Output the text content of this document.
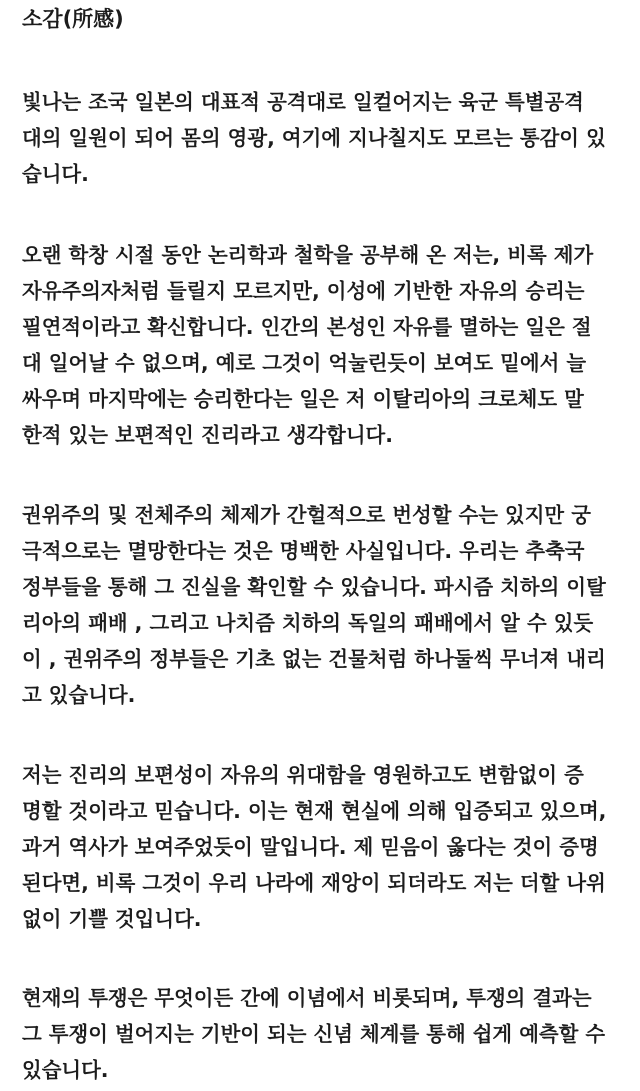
소감(所感)
빛나는 조국 일본의 대표적 공격대로 일컬어지는 육군 특별공격
대의 일원이 되어 몸의 영광, 여기에 지나칠지도 모르는 통감이 있
습니다.
오랜 학창 시절 동안 논리학과 철학을 공부해 온 저는, 비록 제가
자유주의자처럼 들릴지 모르지만, 이성에 기반한 자유의 승리는
필연적이라고 확신합니다. 인간의 본성인 자유를 멸하는 일은 절
대 일어날 수 없으며, 예로 그것이 억눌린듯이 보여도 밑에서 늘
싸우며 마지막에는 승리한다는 일은 저 이탈리아의 크로체도 말
한적 있는 보편적인 진리라고 생각합니다.
권위주의 및 전체주의 체제가 간헐적으로 번성할 수는 있지만 궁
극적으로는 멸망한다는 것은 명백한 사실입니다. 우리는 추축국
정부들을 통해 그 진실을 확인할 수 있습니다. 파시즘 치하의 이탈
리아의 패배 , 그리고 나치즘 치하의 독일의 패배에서 알 수 있듯
이 , 권위주의 정부들은 기초 없는 건물처럼 하나둘씩 무너져 내리
고 있습니다.
저는 진리의 보편성이 자유의 위대함을 영원하고도 변함없이 증
명할 것이라고 믿습니다. 이는 현재 현실에 의해 입증되고 있으며,
과거 역사가 보여주었듯이 말입니다. 제 믿음이 옳다는 것이 증명
된다면, 비록 그것이 우리 나라에 재앙이 되더라도 저는 더할 나위
없이 기쁠 것입니다.
현재의 투쟁은 무엇이든 간에 이념에서 비롯되며, 투쟁의 결과는
그 투쟁이 벌어지는 기반이 되는 신념 체계를 통해 쉽게 예측할 수
있습니다.
